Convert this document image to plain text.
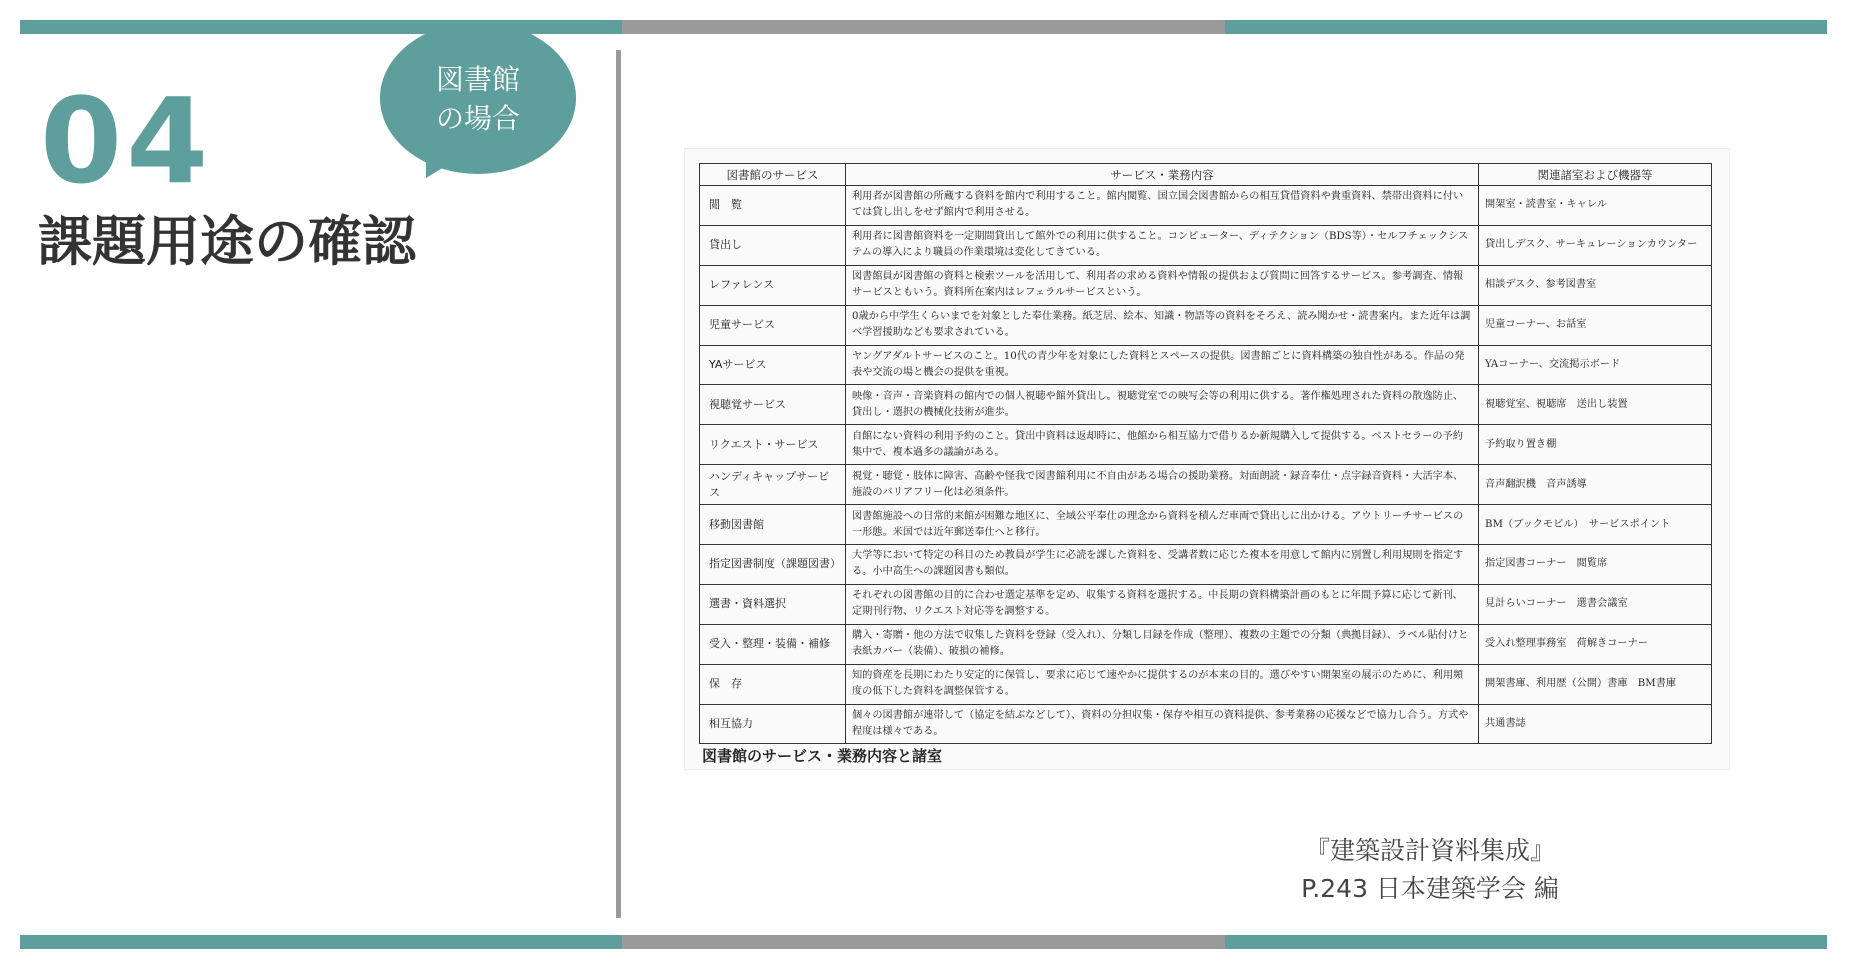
04
課題用途の確認
図書館
の場合
図書館のサービス	サービス・業務内容	関連諸室および機器等
閲　覧	利用者が図書館の所蔵する資料を館内で利用すること。館内閲覧、国立国会図書館からの相互貸借資料や貴重資料、禁帯出資料に付いては貸し出しをせず館内で利用させる。	開架室・読書室・キャレル
貸出し	利用者に図書館資料を一定期間貸出して館外での利用に供すること。コンピューター、ディテクション（BDS等）・セルフチェックシステムの導入により職員の作業環境は変化してきている。	貸出しデスク、サーキュレーションカウンター
レファレンス	図書館員が図書館の資料と検索ツールを活用して、利用者の求める資料や情報の提供および質問に回答するサービス。参考調査、情報サービスともいう。資料所在案内はレフェラルサービスという。	相談デスク、参考図書室
児童サービス	0歳から中学生くらいまでを対象とした奉仕業務。紙芝居、絵本、知識・物語等の資料をそろえ、読み聞かせ・読書案内。また近年は調べ学習援助なども要求されている。	児童コーナー、お話室
YAサービス	ヤングアダルトサービスのこと。10代の青少年を対象にした資料とスペースの提供。図書館ごとに資料構築の独自性がある。作品の発表や交流の場と機会の提供を重視。	YAコーナー、交流掲示ボード
視聴覚サービス	映像・音声・音楽資料の館内での個人視聴や館外貸出し。視聴覚室での映写会等の利用に供する。著作権処理された資料の散逸防止、貸出し・選択の機械化技術が進歩。	視聴覚室、視聴席　送出し装置
リクエスト・サービス	自館にない資料の利用予約のこと。貸出中資料は返却時に、他館から相互協力で借りるか新規購入して提供する。ベストセラーの予約集中で、複本過多の議論がある。	予約取り置き棚
ハンディキャップサービス	視覚・聴覚・肢体に障害、高齢や怪我で図書館利用に不自由がある場合の援助業務。対面朗読・録音奉仕・点字録音資料・大活字本、施設のバリアフリー化は必須条件。	音声翻訳機　音声誘導
移動図書館	図書館施設への日常的来館が困難な地区に、全域公平奉仕の理念から資料を積んだ車両で貸出しに出かける。アウトリーチサービスの一形態。米国では近年郵送奉仕へと移行。	BM（ブックモビル）　サービスポイント
指定図書制度（課題図書）	大学等において特定の科目のため教員が学生に必読を課した資料を、受講者数に応じた複本を用意して館内に別置し利用規則を指定する。小中高生への課題図書も類似。	指定図書コーナー　閲覧席
選書・資料選択	それぞれの図書館の目的に合わせ選定基準を定め、収集する資料を選択する。中長期の資料構築計画のもとに年間予算に応じて新刊、定期刊行物、リクエスト対応等を調整する。	見計らいコーナー　選書会議室
受入・整理・装備・補修	購入・寄贈・他の方法で収集した資料を登録（受入れ）、分類し目録を作成（整理）、複数の主題での分類（典拠目録）、ラベル貼付けと表紙カバー（装備）、破損の補修。	受入れ整理事務室　荷解きコーナー
保　存	知的資産を長期にわたり安定的に保管し、要求に応じて速やかに提供するのが本来の目的。選びやすい開架室の展示のために、利用頻度の低下した資料を調整保管する。	開架書庫、利用歴（公開）書庫　BM書庫
相互協力	個々の図書館が連帯して（協定を結ぶなどして）、資料の分担収集・保存や相互の資料提供、参考業務の応援などで協力し合う。方式や程度は様々である。	共通書誌
図書館のサービス・業務内容と諸室
『建築設計資料集成』
P.243 日本建築学会 編
